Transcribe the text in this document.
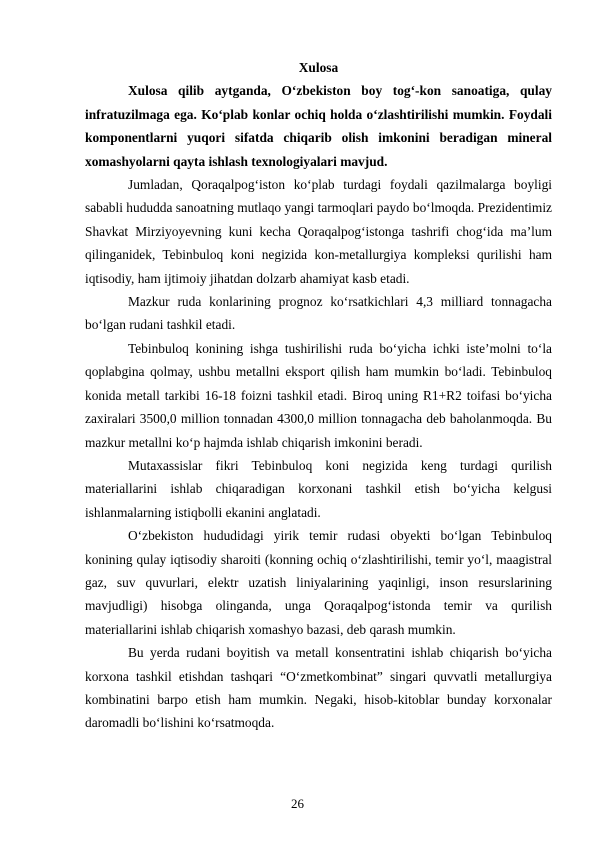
Xulosa

Xulosa qilib aytganda, O‘zbekiston boy tog‘-kon sanoatiga, qulay infratuzilmaga ega. Ko‘plab konlar ochiq holda o‘zlashtirilishi mumkin. Foydali komponentlarni yuqori sifatda chiqarib olish imkonini beradigan mineral xomashyolarni qayta ishlash texnologiyalari mavjud.

Jumladan, Qoraqalpog‘iston ko‘plab turdagi foydali qazilmalarga boyligi sababli hududda sanoatning mutlaqo yangi tarmoqlari paydo bo‘lmoqda. Prezidentimiz Shavkat Mirziyoyevning kuni kecha Qoraqalpog‘istonga tashrifi chog‘ida ma’lum qilinganidek, Tebinbuloq koni negizida kon-metallurgiya kompleksi qurilishi ham iqtisodiy, ham ijtimoiy jihatdan dolzarb ahamiyat kasb etadi.

Mazkur ruda konlarining prognoz ko‘rsatkichlari 4,3 milliard tonnagacha bo‘lgan rudani tashkil etadi.

Tebinbuloq konining ishga tushirilishi ruda bo‘yicha ichki iste’molni to‘la qoplabgina qolmay, ushbu metallni eksport qilish ham mumkin bo‘ladi. Tebinbuloq konida metall tarkibi 16-18 foizni tashkil etadi. Biroq uning R1+R2 toifasi bo‘yicha zaxiralari 3500,0 million tonnadan 4300,0 million tonnagacha deb baholanmoqda. Bu mazkur metallni ko‘p hajmda ishlab chiqarish imkonini beradi.

Mutaxassislar fikri Tebinbuloq koni negizida keng turdagi qurilish materiallarini ishlab chiqaradigan korxonani tashkil etish bo‘yicha kelgusi ishlanmalarning istiqbolli ekanini anglatadi.

O‘zbekiston hududidagi yirik temir rudasi obyekti bo‘lgan Tebinbuloq konining qulay iqtisodiy sharoiti (konning ochiq o‘zlashtirilishi, temir yo‘l, maagistral gaz, suv quvurlari, elektr uzatish liniyalarining yaqinligi, inson resurslarining mavjudligi) hisobga olinganda, unga Qoraqalpog‘istonda temir va qurilish materiallarini ishlab chiqarish xomashyo bazasi, deb qarash mumkin.

Bu yerda rudani boyitish va metall konsentratini ishlab chiqarish bo‘yicha korxona tashkil etishdan tashqari “O‘zmetkombinat” singari quvvatli metallurgiya kombinatini barpo etish ham mumkin. Negaki, hisob-kitoblar bunday korxonalar daromadli bo‘lishini ko‘rsatmoqda.

26
